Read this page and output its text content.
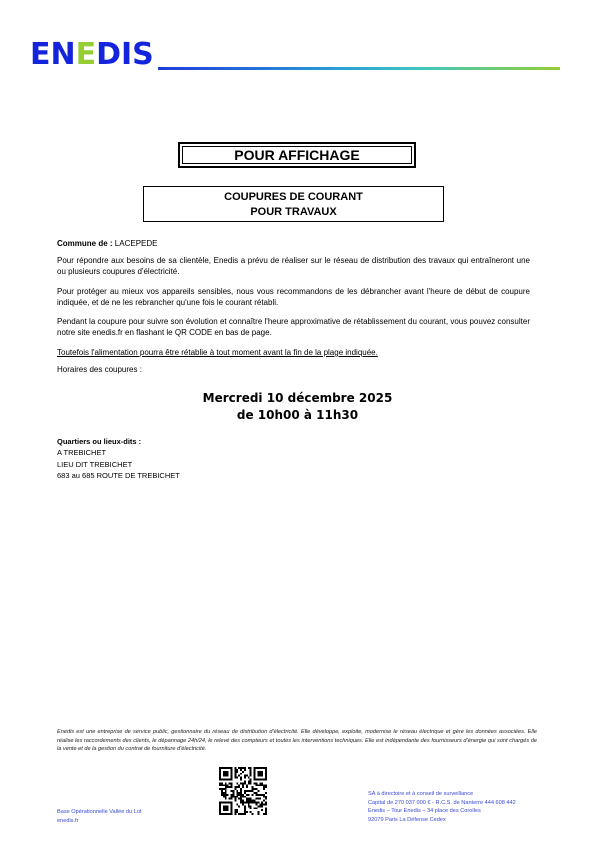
ENEDIS
POUR AFFICHAGE
COUPURES DE COURANT
POUR TRAVAUX
Commune de : LACEPEDE
Pour répondre aux besoins de sa clientèle, Enedis a prévu de réaliser sur le réseau de distribution des travaux qui entraîneront une ou plusieurs coupures d'électricité.
Pour protéger au mieux vos appareils sensibles, nous vous recommandons de les débrancher avant l'heure de début de coupure indiquée, et de ne les rebrancher qu'une fois le courant rétabli.
Pendant la coupure pour suivre son évolution et connaître l'heure approximative de rétablissement du courant, vous pouvez consulter notre site enedis.fr en flashant le QR CODE en bas de page.
Toutefois l'alimentation pourra être rétablie à tout moment avant la fin de la plage indiquée.
Horaires des coupures :
Mercredi 10 décembre 2025
de 10h00 à 11h30
Quartiers ou lieux-dits :
A TREBICHET
LIEU DIT TREBICHET
683 au 685 ROUTE DE TREBICHET
Enedis est une entreprise de service public, gestionnaire du réseau de distribution d'électricité. Elle développe, exploite, modernise le réseau électrique et gère les données associées. Elle réalise les raccordements des clients, le dépannage 24h/24, le relevé des compteurs et toutes les interventions techniques. Elle est indépendante des fournisseurs d'énergie qui sont chargés de la vente et de la gestion du contrat de fourniture d'électricité.
Base Opérationnelle Vallée du Lot
enedis.fr
SA à directoire et à conseil de surveillance
Capital de 270 037 000 € - R.C.S. de Nanterre 444 608 442
Enedis – Tour Enedis – 34 place des Corolles
92079 Paris La Défense Cedex
